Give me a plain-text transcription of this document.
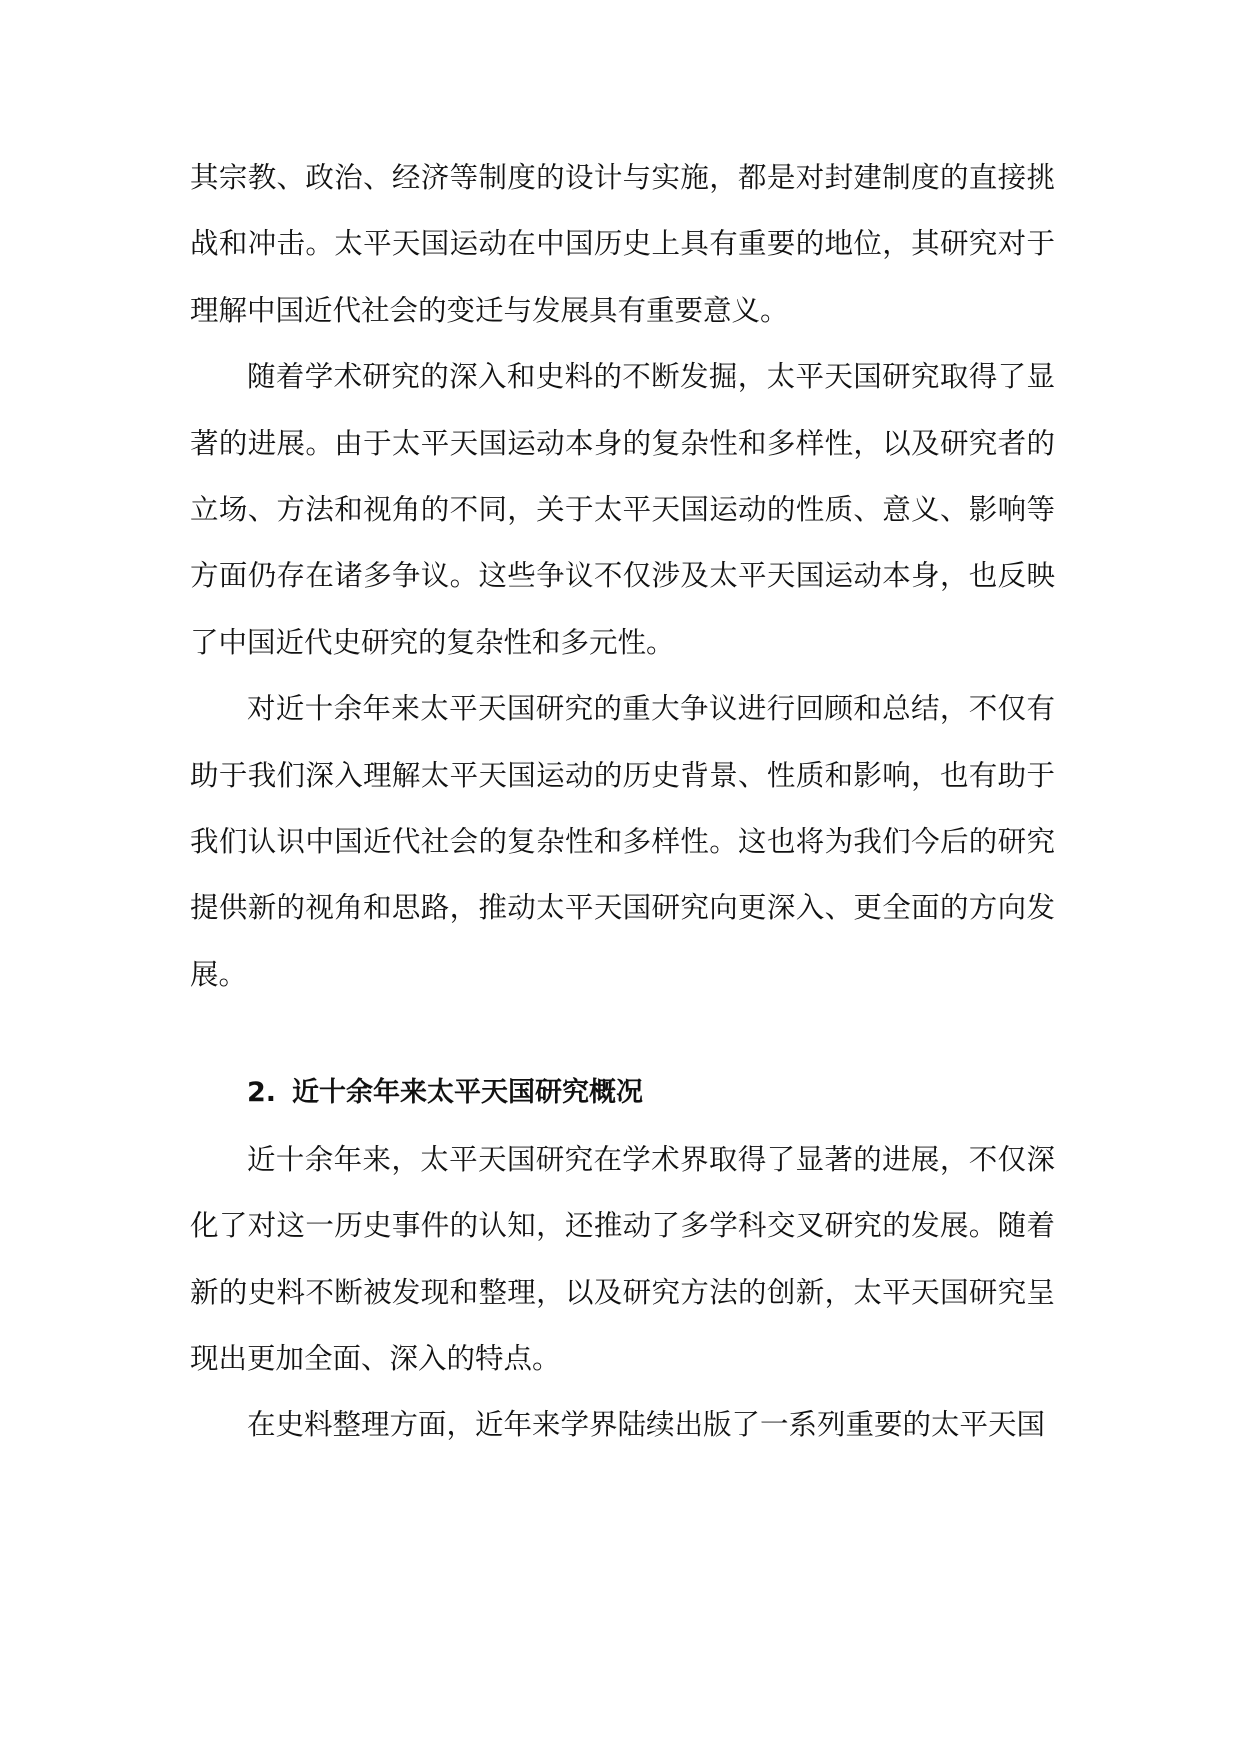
其宗教、政治、经济等制度的设计与实施，都是对封建制度的直接挑战和冲击。太平天国运动在中国历史上具有重要的地位，其研究对于理解中国近代社会的变迁与发展具有重要意义。

随着学术研究的深入和史料的不断发掘，太平天国研究取得了显著的进展。由于太平天国运动本身的复杂性和多样性，以及研究者的立场、方法和视角的不同，关于太平天国运动的性质、意义、影响等方面仍存在诸多争议。这些争议不仅涉及太平天国运动本身，也反映了中国近代史研究的复杂性和多元性。

对近十余年来太平天国研究的重大争议进行回顾和总结，不仅有助于我们深入理解太平天国运动的历史背景、性质和影响，也有助于我们认识中国近代社会的复杂性和多样性。这也将为我们今后的研究提供新的视角和思路，推动太平天国研究向更深入、更全面的方向发展。

2. 近十余年来太平天国研究概况

近十余年来，太平天国研究在学术界取得了显著的进展，不仅深化了对这一历史事件的认知，还推动了多学科交叉研究的发展。随着新的史料不断被发现和整理，以及研究方法的创新，太平天国研究呈现出更加全面、深入的特点。

在史料整理方面，近年来学界陆续出版了一系列重要的太平天国
